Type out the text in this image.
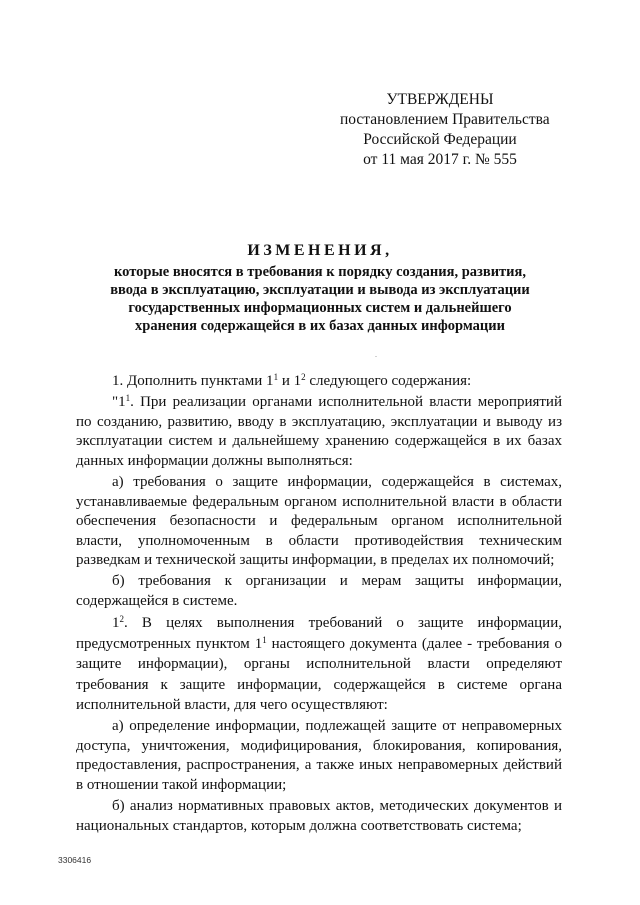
УТВЕРЖДЕНЫ
постановлением Правительства
Российской Федерации
от 11 мая 2017 г. № 555
ИЗМЕНЕНИЯ,
которые вносятся в требования к порядку создания, развития,
ввода в эксплуатацию, эксплуатации и вывода из эксплуатации
государственных информационных систем и дальнейшего
хранения содержащейся в их базах данных информации
.

1. Дополнить пунктами $1^1$ и $1^2$ следующего содержания:

"$1^1$. При реализации органами исполнительной власти мероприятий по созданию, развитию, вводу в эксплуатацию, эксплуатации и выводу из эксплуатации систем и дальнейшему хранению содержащейся в их базах данных информации должны выполняться:

а) требования о защите информации, содержащейся в системах, устанавливаемые федеральным органом исполнительной власти в области обеспечения безопасности и федеральным органом исполнительной власти, уполномоченным в области противодействия техническим разведкам и технической защиты информации, в пределах их полномочий;

б) требования к организации и мерам защиты информации, содержащейся в системе.

$1^2$. В целях выполнения требований о защите информации, предусмотренных пунктом $1^1$ настоящего документа (далее - требования о защите информации), органы исполнительной власти определяют требования к защите информации, содержащейся в системе органа исполнительной власти, для чего осуществляют:

а) определение информации, подлежащей защите от неправомерных доступа, уничтожения, модифицирования, блокирования, копирования, предоставления, распространения, а также иных неправомерных действий в отношении такой информации;

б) анализ нормативных правовых актов, методических документов и национальных стандартов, которым должна соответствовать система;

3306416
